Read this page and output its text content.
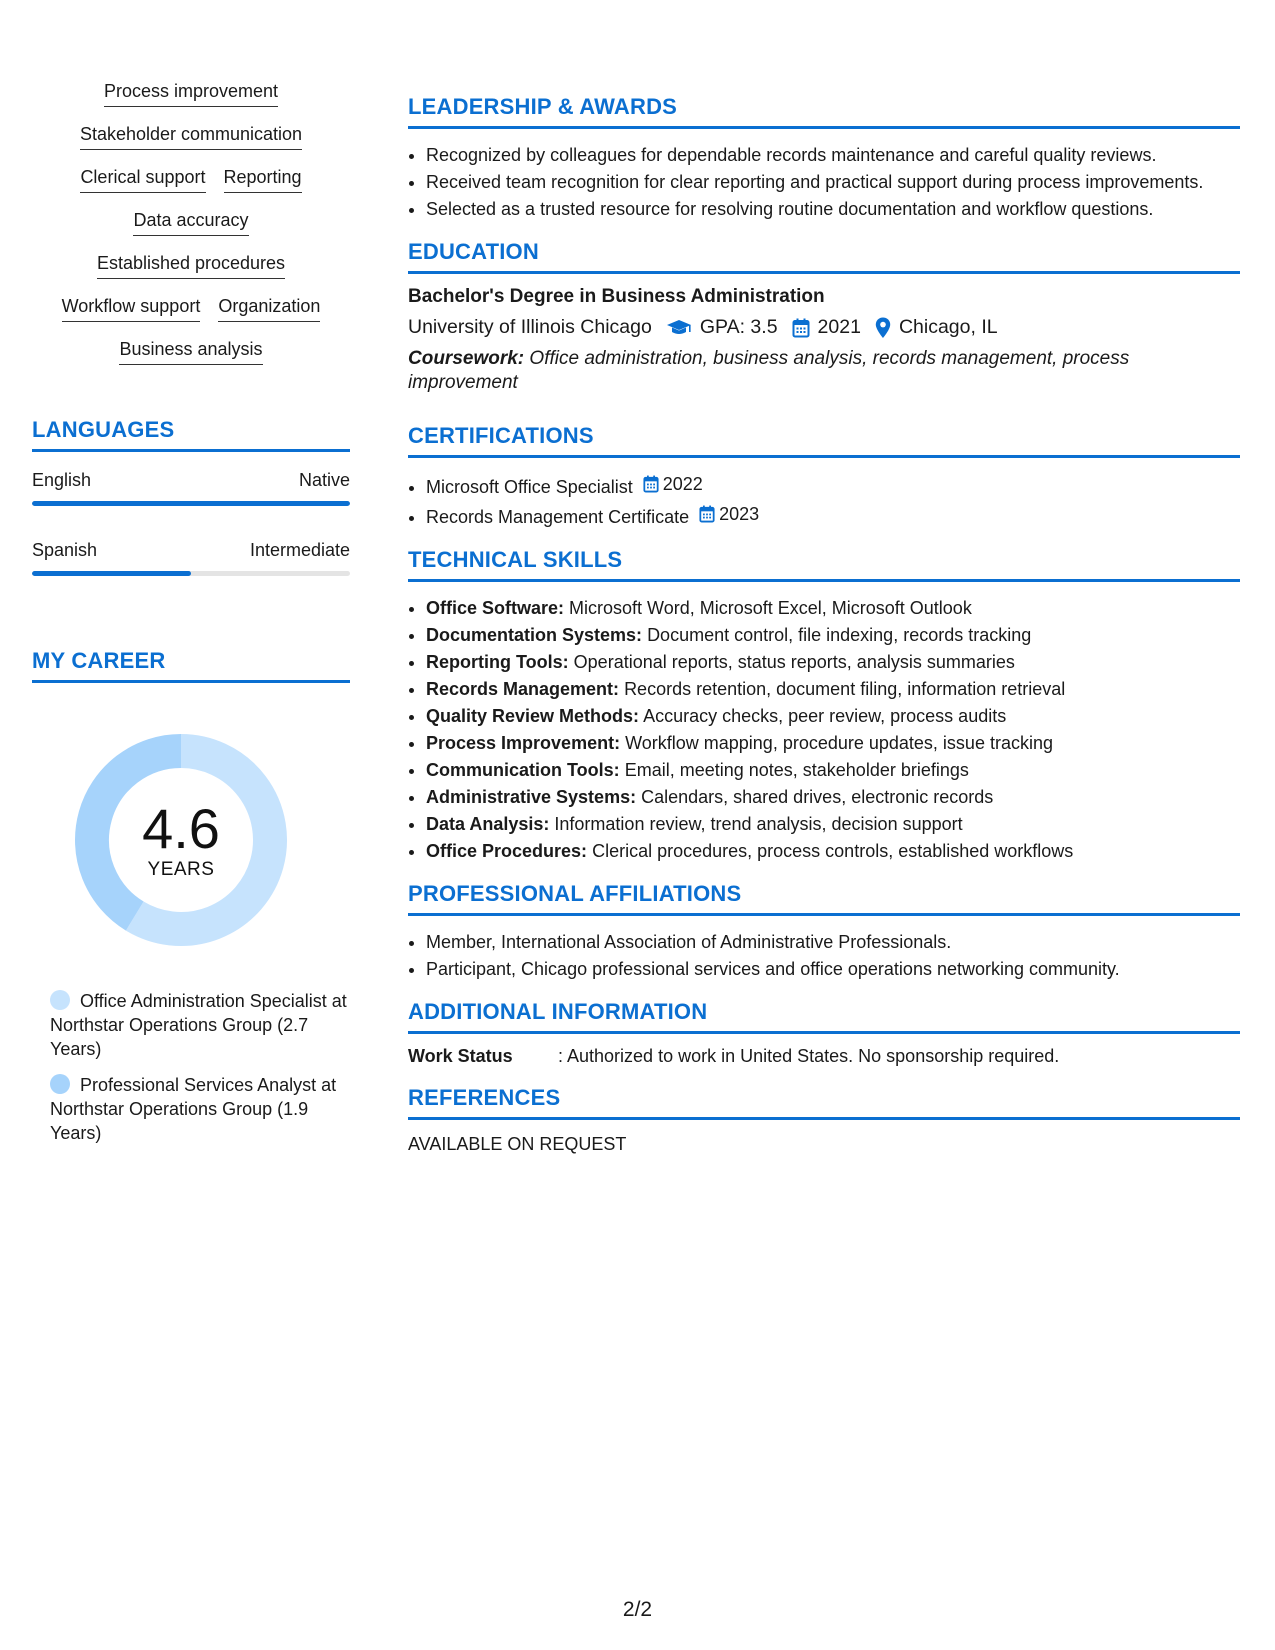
Process improvement
Stakeholder communication
Clerical support Reporting
Data accuracy
Established procedures
Workflow support Organization
Business analysis
LANGUAGES
English	Native
Spanish	Intermediate
MY CAREER
4.6
YEARS
Office Administration Specialist at Northstar Operations Group (2.7 Years)
Professional Services Analyst at Northstar Operations Group (1.9 Years)
LEADERSHIP & AWARDS
• Recognized by colleagues for dependable records maintenance and careful quality reviews.
• Received team recognition for clear reporting and practical support during process improvements.
• Selected as a trusted resource for resolving routine documentation and workflow questions.
EDUCATION
Bachelor's Degree in Business Administration
University of Illinois Chicago GPA: 3.5 2021 Chicago, IL
Coursework: Office administration, business analysis, records management, process improvement
CERTIFICATIONS
• Microsoft Office Specialist 2022
• Records Management Certificate 2023
TECHNICAL SKILLS
• Office Software: Microsoft Word, Microsoft Excel, Microsoft Outlook
• Documentation Systems: Document control, file indexing, records tracking
• Reporting Tools: Operational reports, status reports, analysis summaries
• Records Management: Records retention, document filing, information retrieval
• Quality Review Methods: Accuracy checks, peer review, process audits
• Process Improvement: Workflow mapping, procedure updates, issue tracking
• Communication Tools: Email, meeting notes, stakeholder briefings
• Administrative Systems: Calendars, shared drives, electronic records
• Data Analysis: Information review, trend analysis, decision support
• Office Procedures: Clerical procedures, process controls, established workflows
PROFESSIONAL AFFILIATIONS
• Member, International Association of Administrative Professionals.
• Participant, Chicago professional services and office operations networking community.
ADDITIONAL INFORMATION
Work Status	: Authorized to work in United States. No sponsorship required.
REFERENCES
AVAILABLE ON REQUEST
2/2
